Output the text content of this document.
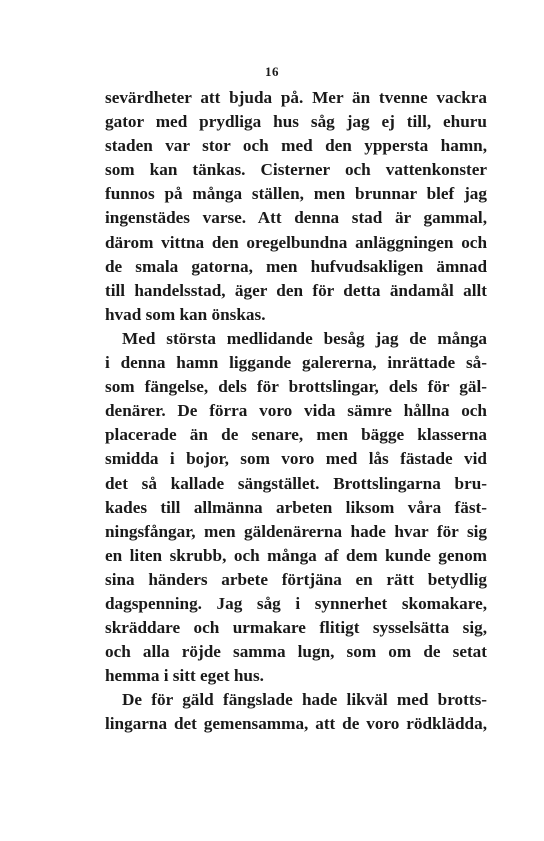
16
sevärdheter att bjuda på. Mer än tvenne vackra
gator med prydliga hus såg jag ej till, ehuru
staden var stor och med den yppersta hamn,
som kan tänkas. Cisterner och vattenkonster
funnos på många ställen, men brunnar blef jag
ingenstädes varse. Att denna stad är gammal,
därom vittna den oregelbundna anläggningen och
de smala gatorna, men hufvudsakligen ämnad
till handelsstad, äger den för detta ändamål allt
hvad som kan önskas.
Med största medlidande besåg jag de många
i denna hamn liggande galererna, inrättade så-
som fängelse, dels för brottslingar, dels för gäl-
denärer. De förra voro vida sämre hållna och
placerade än de senare, men bägge klasserna
smidda i bojor, som voro med lås fästade vid
det så kallade sängstället. Brottslingarna bru-
kades till allmänna arbeten liksom våra fäst-
ningsfångar, men gäldenärerna hade hvar för sig
en liten skrubb, och många af dem kunde genom
sina händers arbete förtjäna en rätt betydlig
dagspenning. Jag såg i synnerhet skomakare,
skräddare och urmakare flitigt sysselsätta sig,
och alla röjde samma lugn, som om de setat
hemma i sitt eget hus.
De för gäld fängslade hade likväl med brotts-
lingarna det gemensamma, att de voro rödklädda,
